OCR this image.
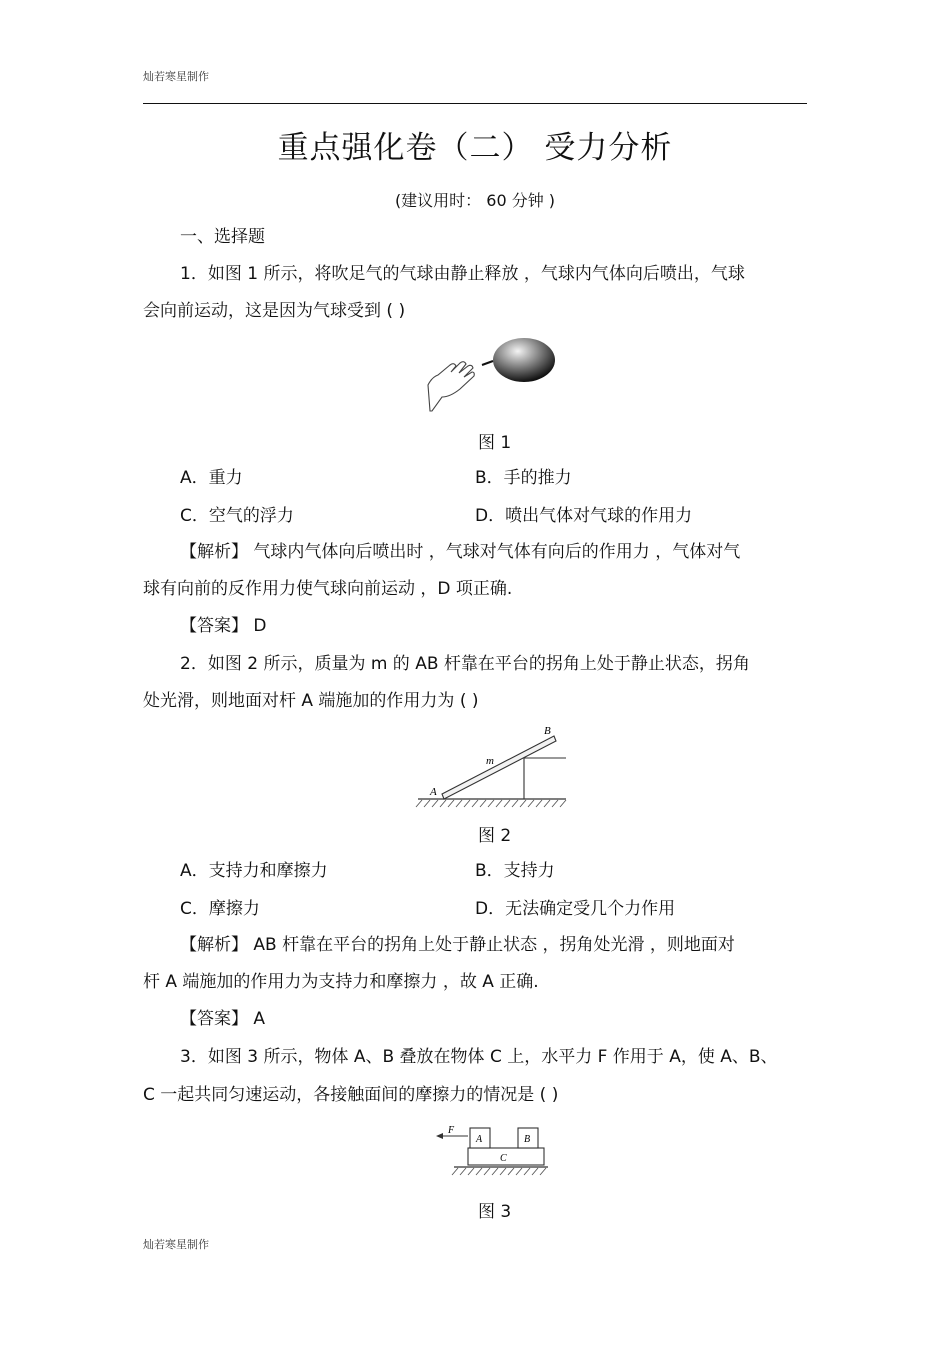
灿若寒星制作
重点强化卷（二） 受力分析
(建议用时： 60 分钟 )
一、选择题
1．如图 1 所示，将吹足气的气球由静止释放 ，气球内气体向后喷出，气球
会向前运动，这是因为气球受到 ( )
图 1
A．重力	B．手的推力
C．空气的浮力	D．喷出气体对气球的作用力
【解析】 气球内气体向后喷出时 ，气球对气体有向后的作用力 ，气体对气
球有向前的反作用力使气球向前运动 ，D 项正确.
【答案】 D
2．如图 2 所示，质量为 m 的 AB 杆靠在平台的拐角上处于静止状态，拐角
处光滑，则地面对杆 A 端施加的作用力为 ( )
A
B
m
图 2
A．支持力和摩擦力	B．支持力
C．摩擦力	D．无法确定受几个力作用
【解析】 AB 杆靠在平台的拐角上处于静止状态 ，拐角处光滑 ，则地面对
杆 A 端施加的作用力为支持力和摩擦力 ，故 A 正确.
【答案】 A
3．如图 3 所示，物体 A、B 叠放在物体 C 上，水平力 F 作用于 A，使 A、B、
C 一起共同匀速运动，各接触面间的摩擦力的情况是 ( )
F
A	B
C
图 3
灿若寒星制作
